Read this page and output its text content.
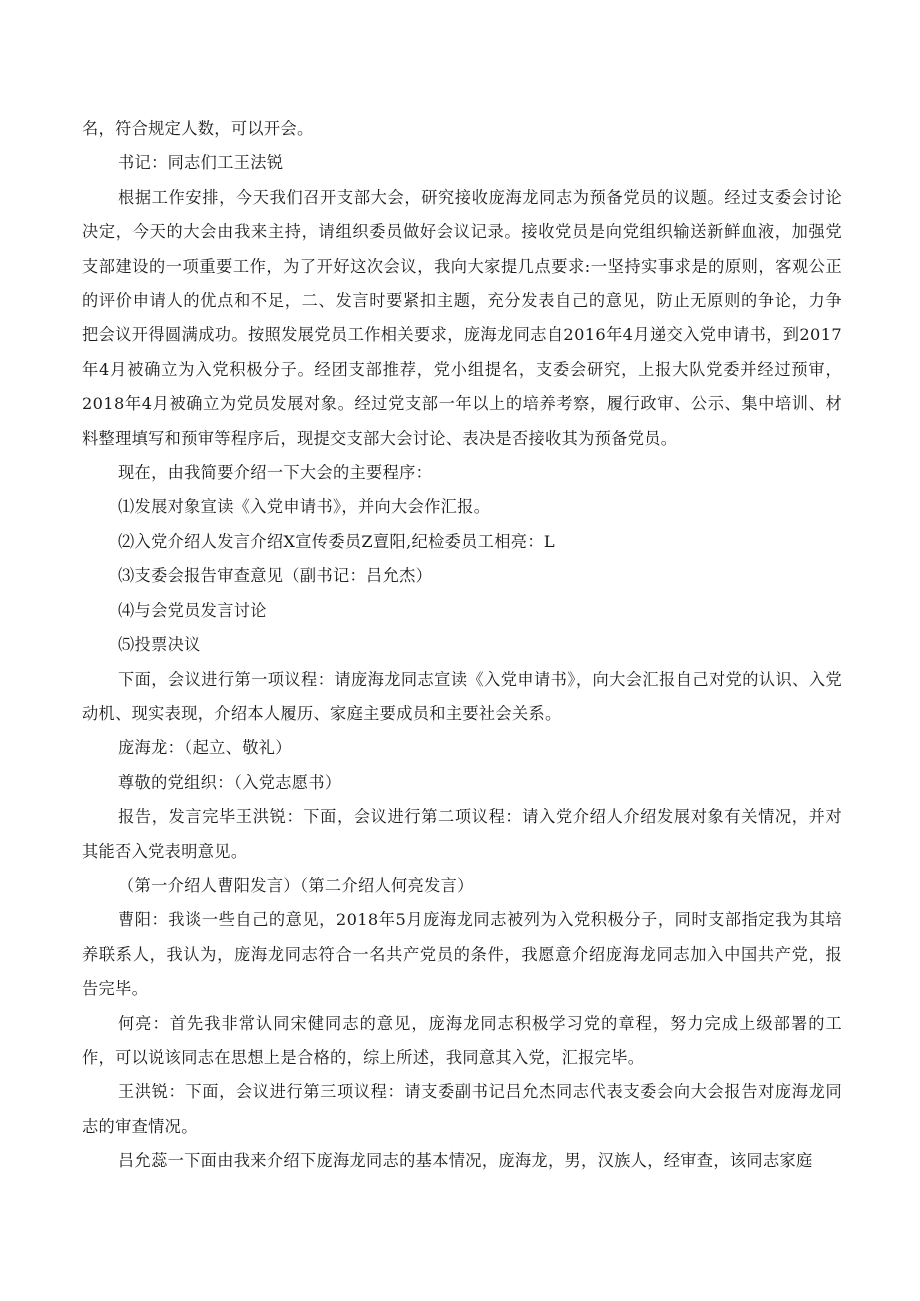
名，符合规定人数，可以开会。

书记：同志们工王法锐

根据工作安排，今天我们召开支部大会，研究接收庞海龙同志为预备党员的议题。经过支委会讨论决定，今天的大会由我来主持，请组织委员做好会议记录。接收党员是向党组织输送新鲜血液，加强党支部建设的一项重要工作，为了开好这次会议，我向大家提几点要求:一坚持实事求是的原则，客观公正的评价申请人的优点和不足，二、发言时要紧扣主题，充分发表自己的意见，防止无原则的争论，力争把会议开得圆满成功。按照发展党员工作相关要求，庞海龙同志自2016年4月递交入党申请书，到2017年4月被确立为入党积极分子。经团支部推荐，党小组提名，支委会研究，上报大队党委并经过预审，2018年4月被确立为党员发展对象。经过党支部一年以上的培养考察，履行政审、公示、集中培训、材料整理填写和预审等程序后，现提交支部大会讨论、表决是否接收其为预备党员。

现在，由我简要介绍一下大会的主要程序：

⑴发展对象宣读《入党申请书》，并向大会作汇报。

⑵入党介绍人发言介绍X宣传委员Z亶阳,纪检委员工相亮：L

⑶支委会报告审查意见（副书记：吕允杰）

⑷与会党员发言讨论

⑸投票决议

下面，会议进行第一项议程：请庞海龙同志宣读《入党申请书》，向大会汇报自己对党的认识、入党动机、现实表现，介绍本人履历、家庭主要成员和主要社会关系。

庞海龙：（起立、敬礼）

尊敬的党组织：（入党志愿书）

报告，发言完毕王洪锐：下面，会议进行第二项议程：请入党介绍人介绍发展对象有关情况，并对其能否入党表明意见。

（第一介绍人曹阳发言）（第二介绍人何亮发言）

曹阳：我谈一些自己的意见，2018年5月庞海龙同志被列为入党积极分子，同时支部指定我为其培养联系人，我认为，庞海龙同志符合一名共产党员的条件，我愿意介绍庞海龙同志加入中国共产党，报告完毕。

何亮：首先我非常认同宋健同志的意见，庞海龙同志积极学习党的章程，努力完成上级部署的工作，可以说该同志在思想上是合格的，综上所述，我同意其入党，汇报完毕。

王洪锐：下面，会议进行第三项议程：请支委副书记吕允杰同志代表支委会向大会报告对庞海龙同志的审查情况。

吕允蕊一下面由我来介绍下庞海龙同志的基本情况，庞海龙，男，汉族人，经审查，该同志家庭
